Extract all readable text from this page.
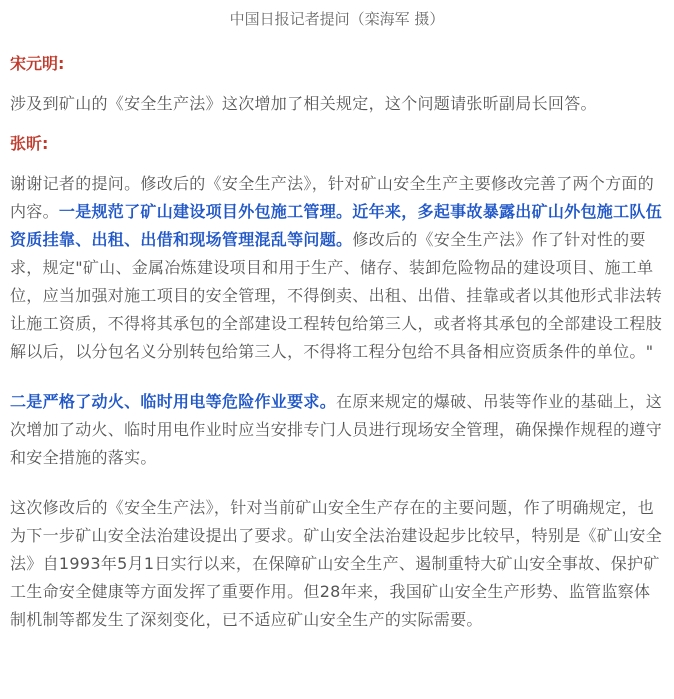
中国日报记者提问（栾海军 摄）
宋元明:

涉及到矿山的《安全生产法》这次增加了相关规定，这个问题请张昕副局长回答。

张昕:

谢谢记者的提问。修改后的《安全生产法》，针对矿山安全生产主要修改完善了两个方面的内容。一是规范了矿山建设项目外包施工管理。近年来，多起事故暴露出矿山外包施工队伍资质挂靠、出租、出借和现场管理混乱等问题。修改后的《安全生产法》作了针对性的要求，规定"矿山、金属冶炼建设项目和用于生产、储存、装卸危险物品的建设项目、施工单位，应当加强对施工项目的安全管理，不得倒卖、出租、出借、挂靠或者以其他形式非法转让施工资质，不得将其承包的全部建设工程转包给第三人，或者将其承包的全部建设工程肢解以后，以分包名义分别转包给第三人，不得将工程分包给不具备相应资质条件的单位。"

二是严格了动火、临时用电等危险作业要求。在原来规定的爆破、吊装等作业的基础上，这次增加了动火、临时用电作业时应当安排专门人员进行现场安全管理，确保操作规程的遵守和安全措施的落实。

这次修改后的《安全生产法》，针对当前矿山安全生产存在的主要问题，作了明确规定，也为下一步矿山安全法治建设提出了要求。矿山安全法治建设起步比较早，特别是《矿山安全法》自1993年5月1日实行以来，在保障矿山安全生产、遏制重特大矿山安全事故、保护矿工生命安全健康等方面发挥了重要作用。但28年来，我国矿山安全生产形势、监管监察体制机制等都发生了深刻变化，已不适应矿山安全生产的实际需要。
